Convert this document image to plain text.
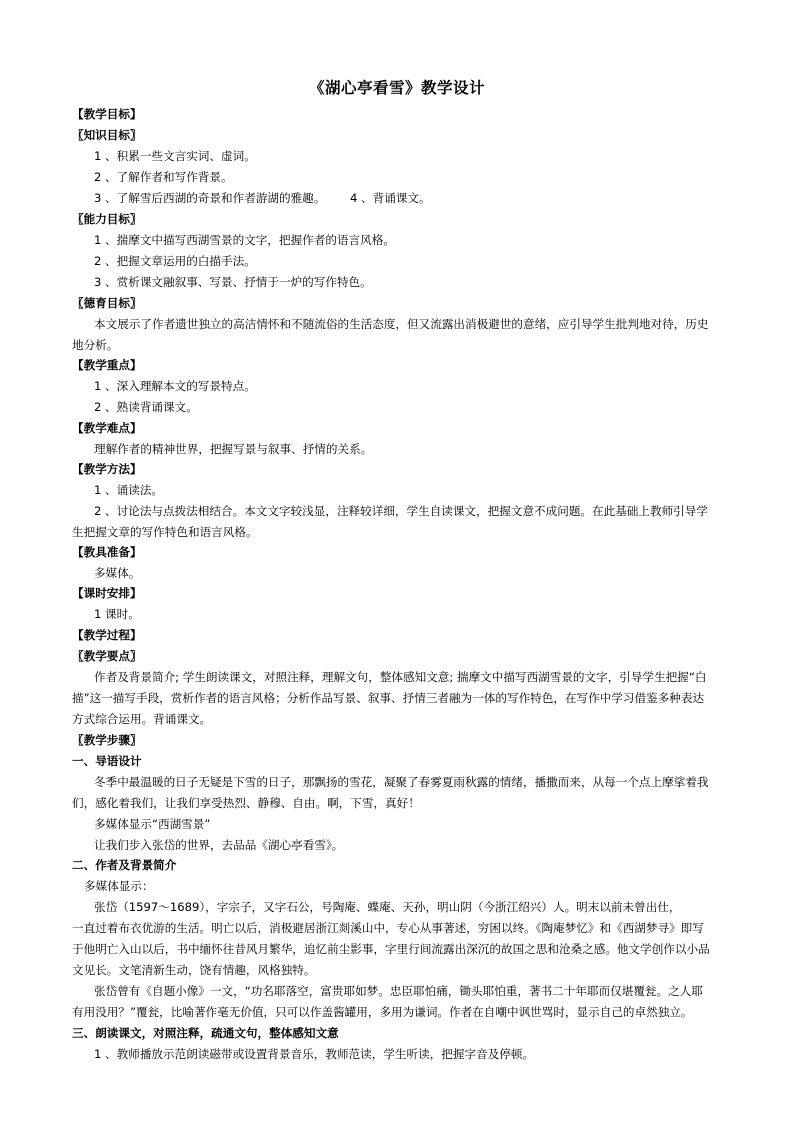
《湖心亭看雪》教学设计
【教学目标】
〖知识目标〗
1 、积累一些文言实词、虚词。
2 、了解作者和写作背景。
3 、了解雪后西湖的奇景和作者游湖的雅趣。 4 、背诵课文。
〖能力目标〗
1 、揣摩文中描写西湖雪景的文字，把握作者的语言风格。
2 、把握文章运用的白描手法。
3 、赏析课文融叙事、写景、抒情于一炉的写作特色。
〖德育目标〗
本文展示了作者遗世独立的高洁情怀和不随流俗的生活态度，但又流露出消极避世的意绪，应引导学生批判地对待，历史
地分析。
【教学重点】
1 、深入理解本文的写景特点。
2 、熟读背诵课文。
【教学难点】
理解作者的精神世界，把握写景与叙事、抒情的关系。
【教学方法】
1 、诵读法。
2 、讨论法与点拨法相结合。本文文字较浅显，注释较详细，学生自读课文，把握文意不成问题。在此基础上教师引导学
生把握文章的写作特色和语言风格。
【教具准备】
多媒体。
【课时安排】
1 课时。
【教学过程】
〖教学要点〗
作者及背景简介; 学生朗读课文，对照注释，理解文句，整体感知文意; 揣摩文中描写西湖雪景的文字，引导学生把握“白
描”这一描写手段，赏析作者的语言风格；分析作品写景、叙事、抒情三者融为一体的写作特色，在写作中学习借鉴多种表达
方式综合运用。背诵课文。
〖教学步骤〗
一、导语设计
冬季中最温暖的日子无疑是下雪的日子，那飘扬的雪花，凝聚了春雾夏雨秋露的情绪，播撒而来，从每一个点上摩挲着我
们，感化着我们，让我们享受热烈、静穆、自由。啊，下雪，真好！
多媒体显示“西湖雪景”
让我们步入张岱的世界，去品品《湖心亭看雪》。
二、作者及背景简介
多媒体显示：
张岱（1597～1689），字宗子，又字石公，号陶庵、蝶庵、天孙，明山阴（今浙江绍兴）人。明末以前未曾出仕，
一直过着布衣优游的生活。明亡以后，消极避居浙江剡溪山中，专心从事著述，穷困以终。《陶庵梦忆》和《西湖梦寻》即写
于他明亡入山以后，书中缅怀往昔风月繁华，追忆前尘影事，字里行间流露出深沉的故国之思和沧桑之感。他文学创作以小品
文见长。文笔清新生动，饶有情趣，风格独特。
张岱曾有《自题小像》一文，“功名耶落空，富贵耶如梦。忠臣耶怕痛，锄头耶怕重，著书二十年耶而仅堪覆瓮。之人耶
有用没用？”覆瓮，比喻著作毫无价值，只可以作盖酱罐用，多用为谦词。作者在自嘲中讽世骂时，显示自己的卓然独立。
三、朗读课文，对照注释，疏通文句，整体感知文意
1 、教师播放示范朗读磁带或设置背景音乐，教师范读，学生听读，把握字音及停顿。
